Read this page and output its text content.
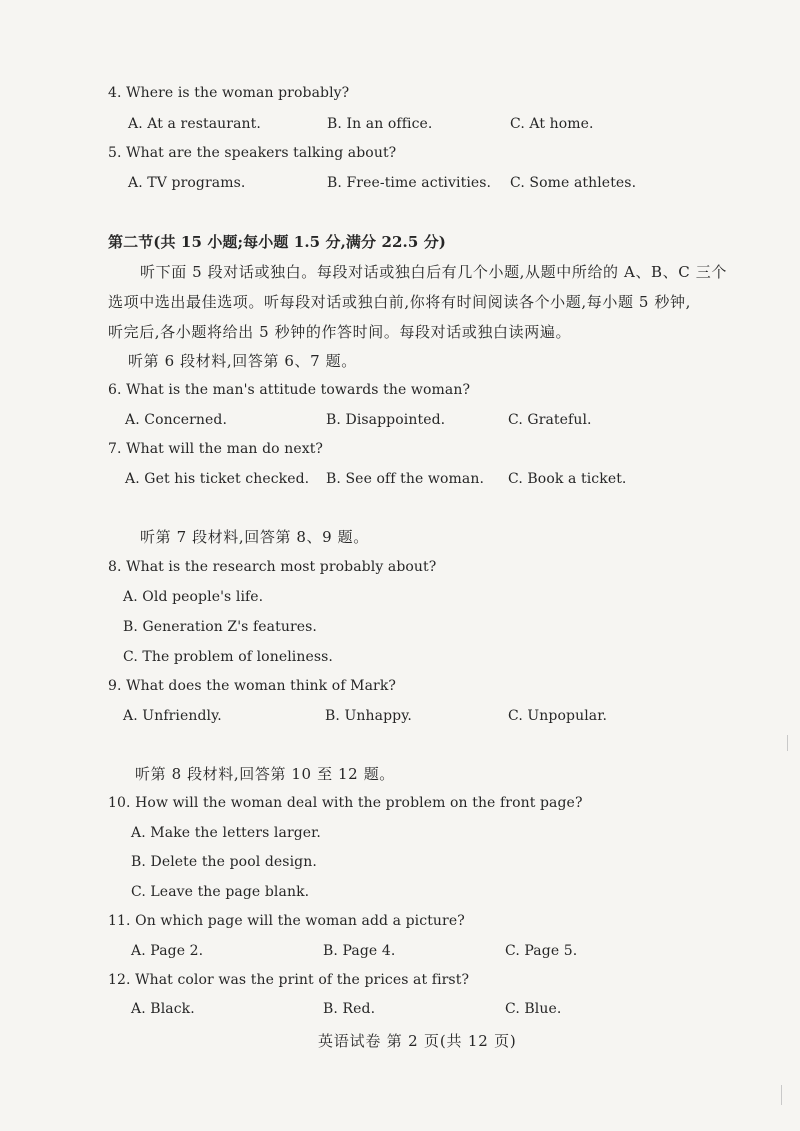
4. Where is the woman probably?
A. At a restaurant.	B. In an office.	C. At home.
5. What are the speakers talking about?
A. TV programs.	B. Free-time activities. C. Some athletes.
第二节(共 15 小题;每小题 1.5 分,满分 22.5 分)
听下面 5 段对话或独白。每段对话或独白后有几个小题,从题中所给的 A、B、C 三个
选项中选出最佳选项。听每段对话或独白前,你将有时间阅读各个小题,每小题 5 秒钟,
听完后,各小题将给出 5 秒钟的作答时间。每段对话或独白读两遍。
听第 6 段材料,回答第 6、7 题。
6. What is the man's attitude towards the woman?
A. Concerned.	B. Disappointed.	C. Grateful.
7. What will the man do next?
A. Get his ticket checked. B. See off the woman. C. Book a ticket.
听第 7 段材料,回答第 8、9 题。
8. What is the research most probably about?
A. Old people's life.
B. Generation Z's features.
C. The problem of loneliness.
9. What does the woman think of Mark?
A. Unfriendly.	B. Unhappy.	C. Unpopular.
听第 8 段材料,回答第 10 至 12 题。
10. How will the woman deal with the problem on the front page?
A. Make the letters larger.
B. Delete the pool design.
C. Leave the page blank.
11. On which page will the woman add a picture?
A. Page 2.	B. Page 4.	C. Page 5.
12. What color was the print of the prices at first?
A. Black.	B. Red.	C. Blue.
英语试卷 第 2 页(共 12 页)
